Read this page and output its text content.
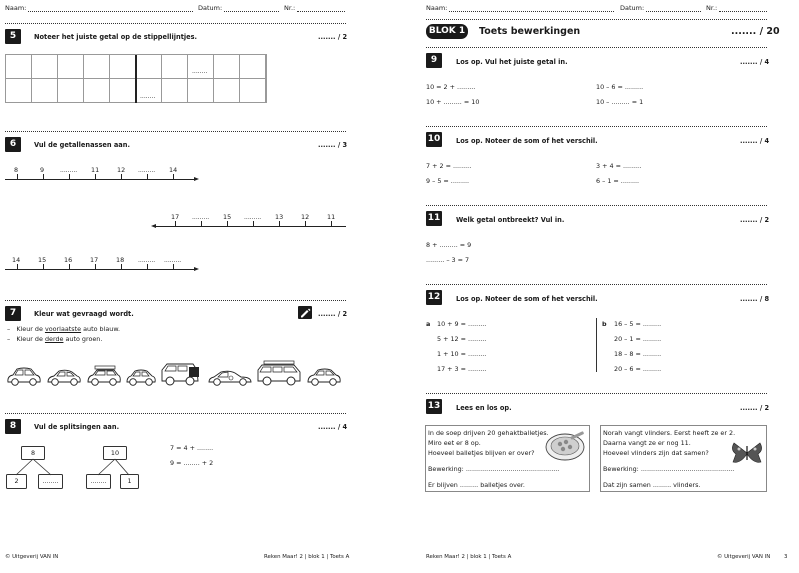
Naam:	Datum:	Nr.:
5	Noteer het juiste getal op de stippellijntjes.	....... / 2
........
........
6	Vul de getallenassen aan.	....... / 3
8	9	......... 11	12 ......... 14
17 ......... 15 ......... 13	12	11
14	15	16	17	18 ......... .........
7	Kleur wat gevraagd wordt.	....... / 2
– Kleur de voorlaatste auto blauw.
– Kleur de derde auto groen.
8	Vul de splitsingen aan.	....... / 4
8
2	........
10
........	1
7 = 4 + ........
9 = ........ + 2
© Uitgeverij VAN IN	Reken Maar! 2 | blok 1 | Toets A
Naam:	Datum:	Nr.:
BLOK 1	Toets bewerkingen	....... / 20
9	Los op. Vul het juiste getal in.	....... / 4
10 = 2 + .........	10 – 6 = .........
10 + ......... = 10	10 – ......... = 1
10 Los op. Noteer de som of het verschil.	....... / 4
7 + 2 = .........	3 + 4 = .........
9 – 5 = .........	6 – 1 = .........
11 Welk getal ontbreekt? Vul in.	....... / 2
8 + ......... = 9
......... – 3 = 7
12 Los op. Noteer de som of het verschil.	....... / 8
a 10 + 9 = .........
5 + 12 = .........
1 + 10 = .........
17 + 3 = .........
b 16 – 5 = .........
20 – 1 = .........
18 – 8 = .........
20 – 6 = .........
13 Lees en los op.	....... / 2
In de soep drijven 20 gehaktballetjes.
Miro eet er 8 op.
Hoeveel balletjes blijven er over?
Bewerking: ..............................................
Er blijven ......... balletjes over.
Norah vangt vlinders. Eerst heeft ze er 2.
Daarna vangt ze er nog 11.
Hoeveel vlinders zijn dat samen?
Bewerking: ..............................................
Dat zijn samen ......... vlinders.
Reken Maar! 2 | blok 1 | Toets A	© Uitgeverij VAN IN	3
